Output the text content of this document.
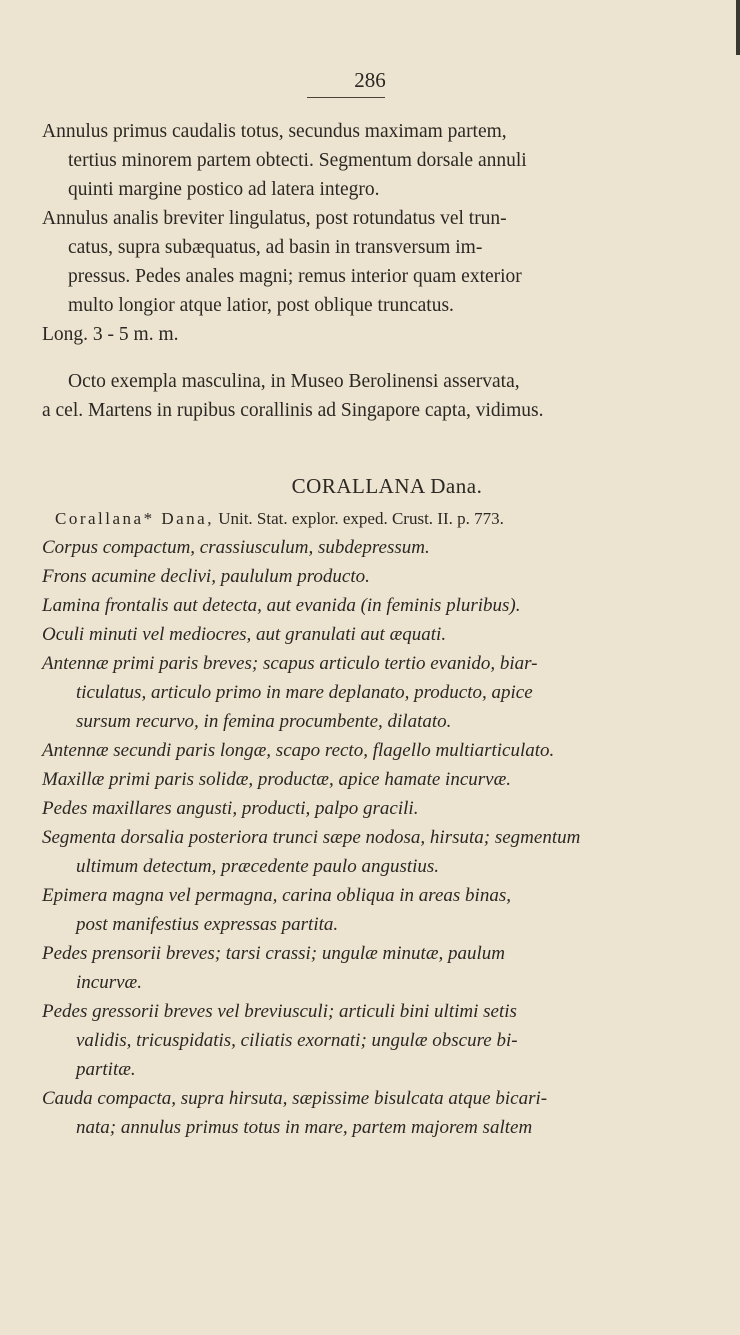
286
Annulus primus caudalis totus, secundus maximam partem,
tertius minorem partem obtecti. Segmentum dorsale annuli
quinti margine postico ad latera integro.
Annulus analis breviter lingulatus, post rotundatus vel trun-
catus, supra subæquatus, ad basin in transversum im-
pressus. Pedes anales magni; remus interior quam exterior
multo longior atque latior, post oblique truncatus.
Long. 3 - 5 m. m.
Octo exempla masculina, in Museo Berolinensi asservata,
a cel. Martens in rupibus corallinis ad Singapore capta, vidimus.
CORALLANA Dana.
Corallana* Dana, Unit. Stat. explor. exped. Crust. II. p. 773.
Corpus compactum, crassiusculum, subdepressum.
Frons acumine declivi, paululum producto.
Lamina frontalis aut detecta, aut evanida (in feminis pluribus).
Oculi minuti vel mediocres, aut granulati aut æquati.
Antennæ primi paris breves; scapus articulo tertio evanido, biar-
ticulatus, articulo primo in mare deplanato, producto, apice
sursum recurvo, in femina procumbente, dilatato.
Antennæ secundi paris longæ, scapo recto, flagello multiarticulato.
Maxillæ primi paris solidæ, productæ, apice hamate incurvæ.
Pedes maxillares angusti, producti, palpo gracili.
Segmenta dorsalia posteriora trunci sæpe nodosa, hirsuta; segmentum
ultimum detectum, præcedente paulo angustius.
Epimera magna vel permagna, carina obliqua in areas binas,
post manifestius expressas partita.
Pedes prensorii breves; tarsi crassi; ungulæ minutæ, paulum
incurvæ.
Pedes gressorii breves vel breviusculi; articuli bini ultimi setis
validis, tricuspidatis, ciliatis exornati; ungulæ obscure bi-
partitæ.
Cauda compacta, supra hirsuta, sæpissime bisulcata atque bicari-
nata; annulus primus totus in mare, partem majorem saltem
